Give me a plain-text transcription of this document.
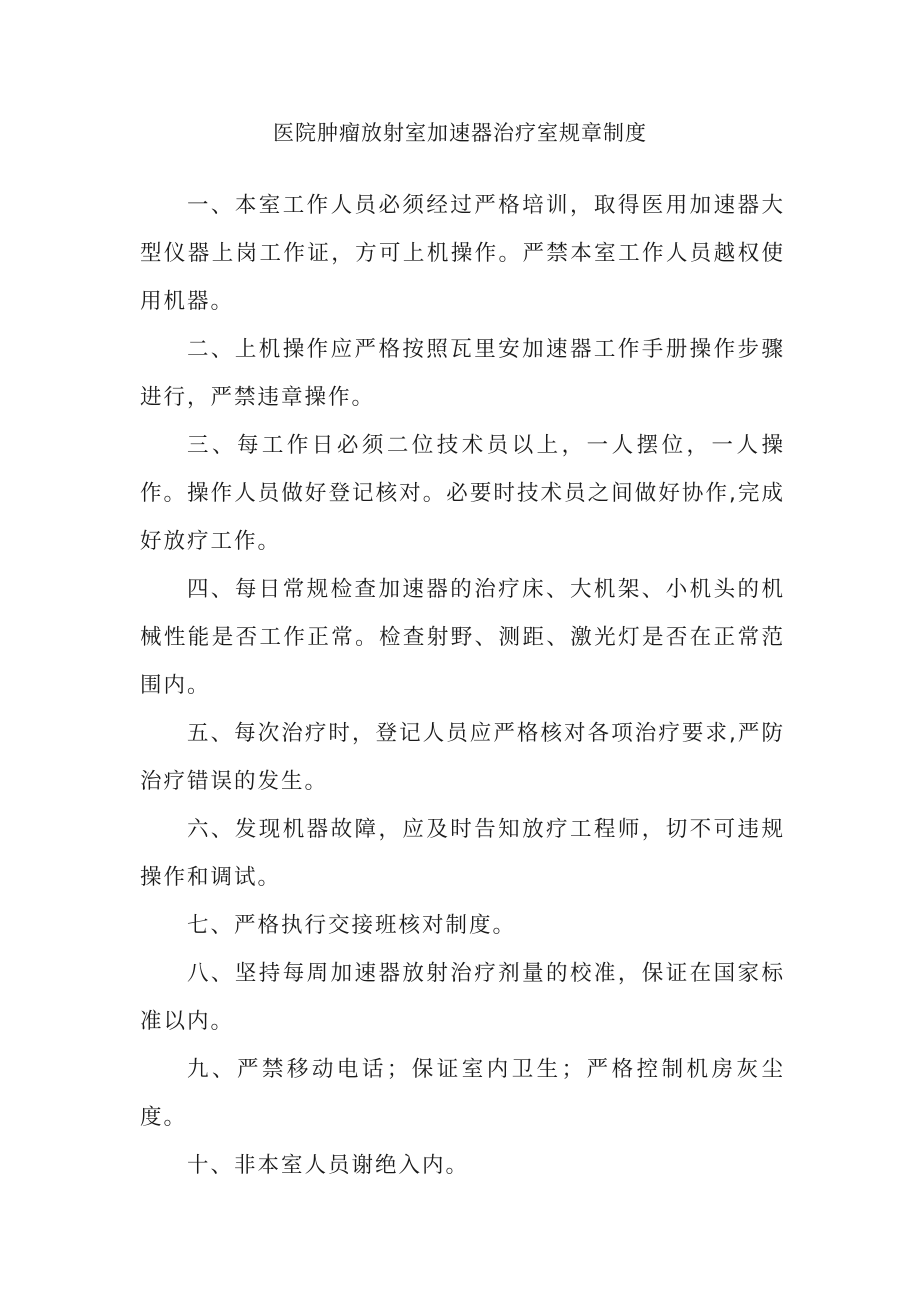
医院肿瘤放射室加速器治疗室规章制度

一、本室工作人员必须经过严格培训，取得医用加速器大型仪器上岗工作证，方可上机操作。严禁本室工作人员越权使用机器。

二、上机操作应严格按照瓦里安加速器工作手册操作步骤进行，严禁违章操作。

三、每工作日必须二位技术员以上，一人摆位，一人操作。操作人员做好登记核对。必要时技术员之间做好协作,完成好放疗工作。

四、每日常规检查加速器的治疗床、大机架、小机头的机械性能是否工作正常。检查射野、测距、激光灯是否在正常范围内。

五、每次治疗时，登记人员应严格核对各项治疗要求,严防治疗错误的发生。

六、发现机器故障，应及时告知放疗工程师，切不可违规操作和调试。

七、严格执行交接班核对制度。

八、坚持每周加速器放射治疗剂量的校准，保证在国家标准以内。

九、严禁移动电话；保证室内卫生；严格控制机房灰尘度。

十、非本室人员谢绝入内。
